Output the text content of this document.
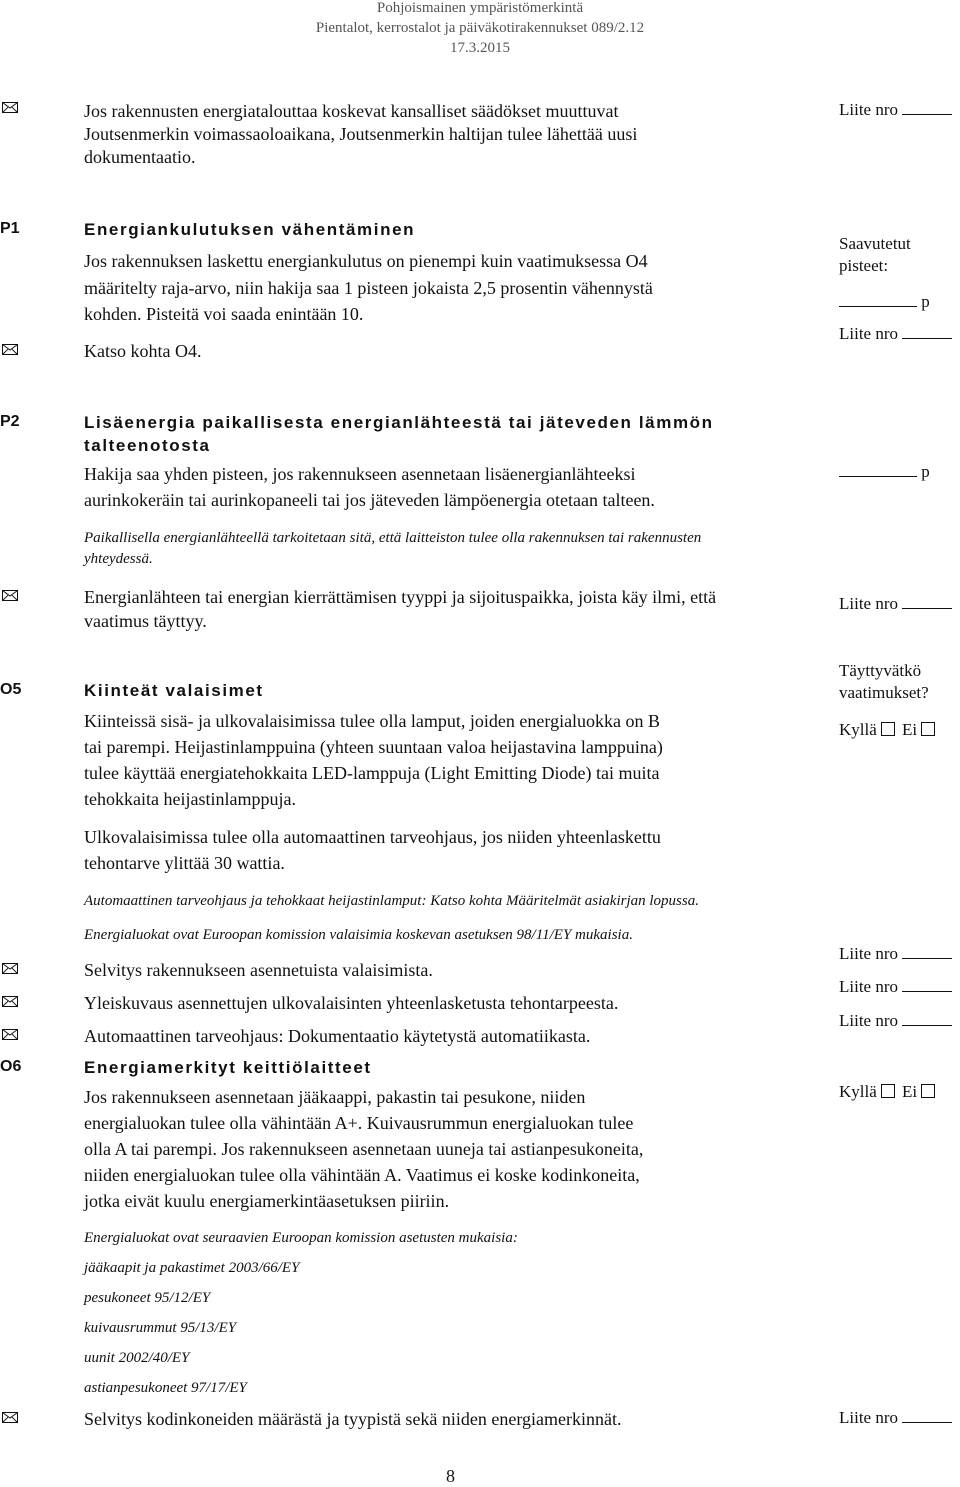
Pohjoismainen ympäristömerkintä
Pientalot, kerrostalot ja päiväkotirakennukset 089/2.12
17.3.2015
Jos rakennusten energiatalouttaa koskevat kansalliset säädökset muuttuvat
Joutsenmerkin voimassaoloaikana, Joutsenmerkin haltijan tulee lähettää uusi
dokumentaatio.
Liite nro
P1	Energiankulutuksen vähentäminen
Jos rakennuksen laskettu energiankulutus on pienempi kuin vaatimuksessa O4
määritelty raja-arvo, niin hakija saa 1 pisteen jokaista 2,5 prosentin vähennystä
kohden. Pisteitä voi saada enintään 10.
Katso kohta O4.
Saavutetut
pisteet:
p
Liite nro
P2	Lisäenergia paikallisesta energianlähteestä tai jäteveden lämmön
talteenotosta
Hakija saa yhden pisteen, jos rakennukseen asennetaan lisäenergianlähteeksi
aurinkokeräin tai aurinkopaneeli tai jos jäteveden lämpöenergia otetaan talteen.
Paikallisella energianlähteellä tarkoitetaan sitä, että laitteiston tulee olla rakennuksen tai rakennusten
yhteydessä.
Energianlähteen tai energian kierrättämisen tyyppi ja sijoituspaikka, joista käy ilmi, että
vaatimus täyttyy.
p
Liite nro
O5	Kiinteät valaisimet
Täyttyvätkö
vaatimukset?
Kyllä Ei
Kiinteissä sisä- ja ulkovalaisimissa tulee olla lamput, joiden energialuokka on B
tai parempi. Heijastinlamppuina (yhteen suuntaan valoa heijastavina lamppuina)
tulee käyttää energiatehokkaita LED-lamppuja (Light Emitting Diode) tai muita
tehokkaita heijastinlamppuja.
Ulkovalaisimissa tulee olla automaattinen tarveohjaus, jos niiden yhteenlaskettu
tehontarve ylittää 30 wattia.
Automaattinen tarveohjaus ja tehokkaat heijastinlamput: Katso kohta Määritelmät asiakirjan lopussa.
Energialuokat ovat Euroopan komission valaisimia koskevan asetuksen 98/11/EY mukaisia.
Selvitys rakennukseen asennetuista valaisimista.
Yleiskuvaus asennettujen ulkovalaisinten yhteenlasketusta tehontarpeesta.
Automaattinen tarveohjaus: Dokumentaatio käytetystä automatiikasta.
Liite nro
Liite nro
Liite nro
O6	Energiamerkityt keittiölaitteet
Kyllä Ei
Jos rakennukseen asennetaan jääkaappi, pakastin tai pesukone, niiden
energialuokan tulee olla vähintään A+. Kuivausrummun energialuokan tulee
olla A tai parempi. Jos rakennukseen asennetaan uuneja tai astianpesukoneita,
niiden energialuokan tulee olla vähintään A. Vaatimus ei koske kodinkoneita,
jotka eivät kuulu energiamerkintäasetuksen piiriin.
Energialuokat ovat seuraavien Euroopan komission asetusten mukaisia:
jääkaapit ja pakastimet 2003/66/EY
pesukoneet 95/12/EY
kuivausrummut 95/13/EY
uunit 2002/40/EY
astianpesukoneet 97/17/EY
Selvitys kodinkoneiden määrästä ja tyypistä sekä niiden energiamerkinnät.	Liite nro
8
